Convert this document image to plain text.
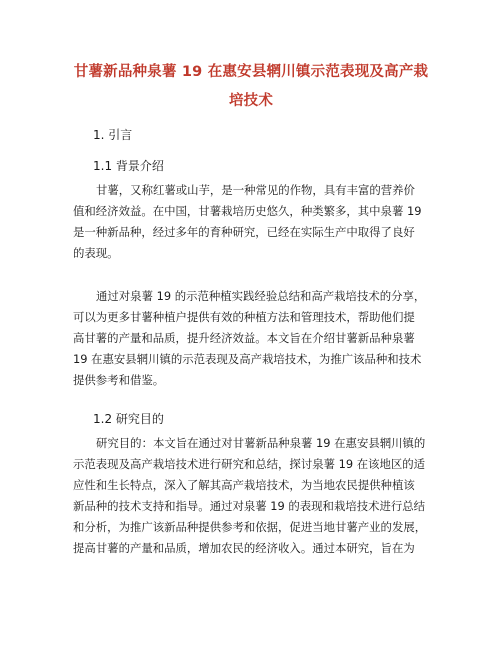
甘薯新品种泉薯 19 在惠安县辋川镇示范表现及高产栽
培技术
1. 引言
1.1 背景介绍
甘薯，又称红薯或山芋，是一种常见的作物，具有丰富的营养价
值和经济效益。在中国，甘薯栽培历史悠久，种类繁多，其中泉薯 19
是一种新品种，经过多年的育种研究，已经在实际生产中取得了良好
的表现。
通过对泉薯 19 的示范种植实践经验总结和高产栽培技术的分享，
可以为更多甘薯种植户提供有效的种植方法和管理技术，帮助他们提
高甘薯的产量和品质，提升经济效益。本文旨在介绍甘薯新品种泉薯
19 在惠安县辋川镇的示范表现及高产栽培技术，为推广该品种和技术
提供参考和借鉴。
1.2 研究目的
研究目的：本文旨在通过对甘薯新品种泉薯 19 在惠安县辋川镇的
示范表现及高产栽培技术进行研究和总结，探讨泉薯 19 在该地区的适
应性和生长特点，深入了解其高产栽培技术，为当地农民提供种植该
新品种的技术支持和指导。通过对泉薯 19 的表现和栽培技术进行总结
和分析，为推广该新品种提供参考和依据，促进当地甘薯产业的发展，
提高甘薯的产量和品质，增加农民的经济收入。通过本研究，旨在为
